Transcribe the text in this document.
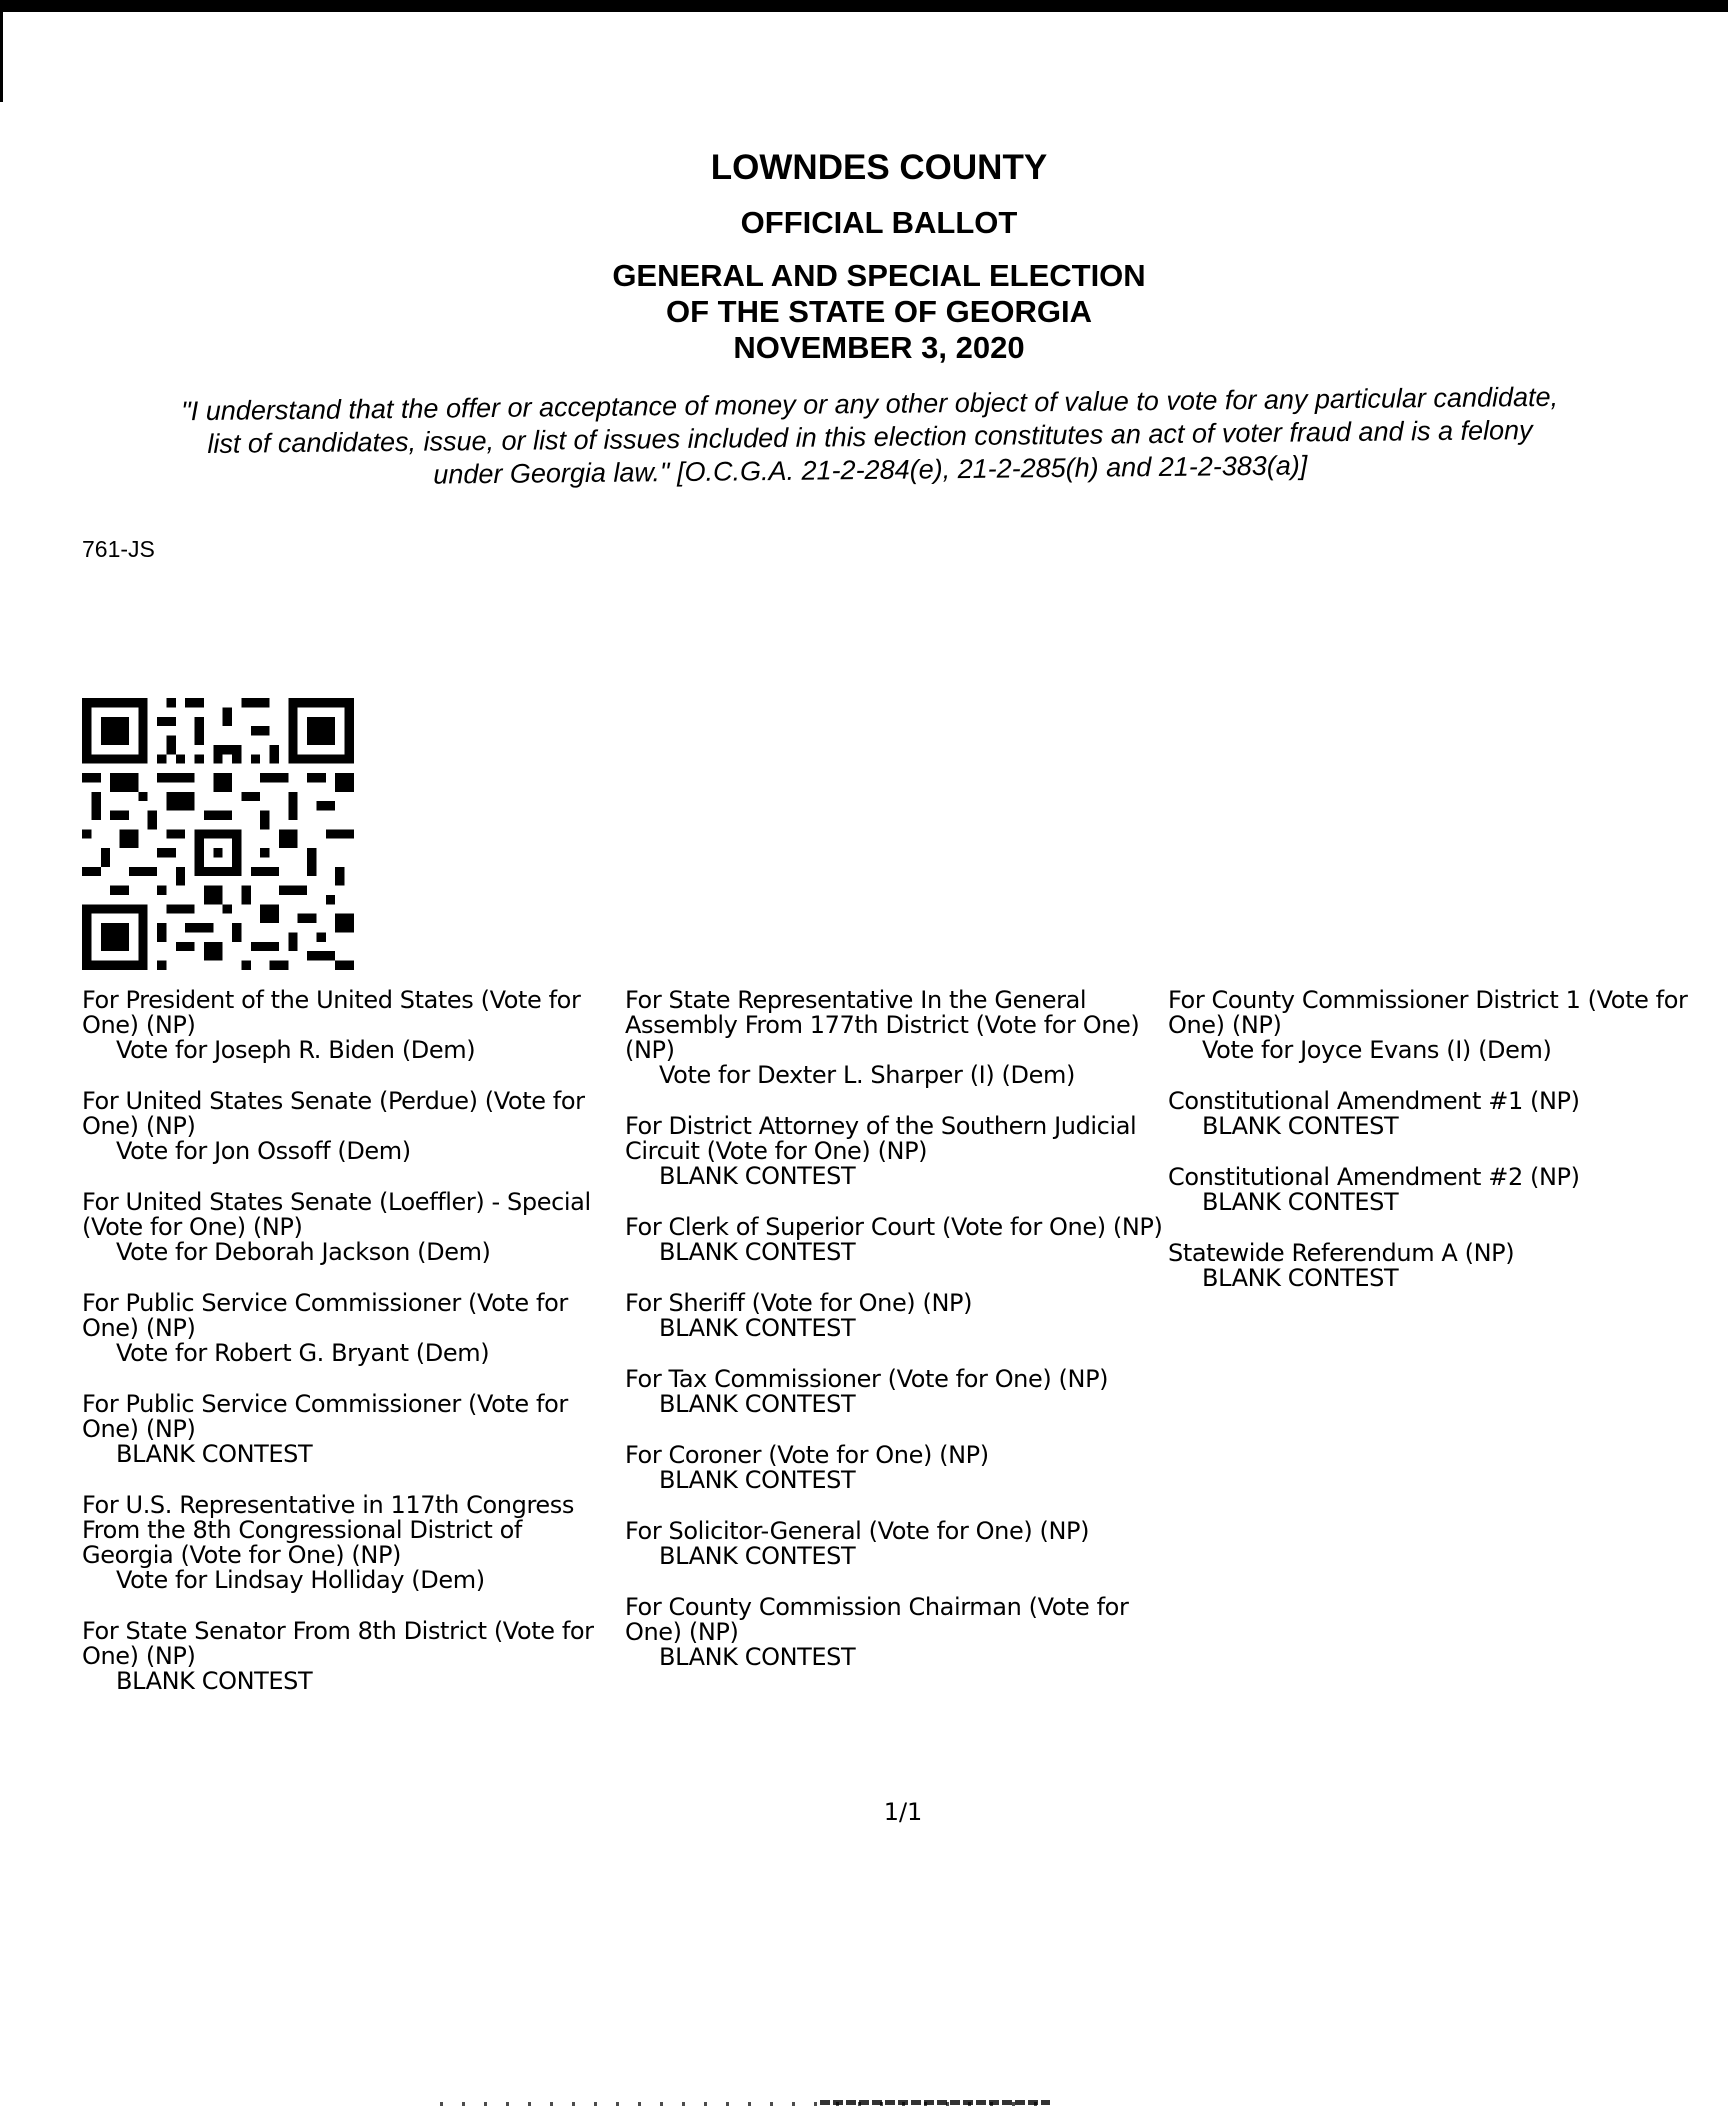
LOWNDES COUNTY
OFFICIAL BALLOT
GENERAL AND SPECIAL ELECTION
OF THE STATE OF GEORGIA
NOVEMBER 3, 2020
"I understand that the offer or acceptance of money or any other object of value to vote for any particular candidate,
list of candidates, issue, or list of issues included in this election constitutes an act of voter fraud and is a felony
under Georgia law." [O.C.G.A. 21-2-284(e), 21-2-285(h) and 21-2-383(a)]
761-JS
For President of the United States (Vote for One) (NP)
Vote for Joseph R. Biden (Dem)
For United States Senate (Perdue) (Vote for One) (NP)
Vote for Jon Ossoff (Dem)
For United States Senate (Loeffler) - Special (Vote for One) (NP)
Vote for Deborah Jackson (Dem)
For Public Service Commissioner (Vote for One) (NP)
Vote for Robert G. Bryant (Dem)
For Public Service Commissioner (Vote for One) (NP)
BLANK CONTEST
For U.S. Representative in 117th Congress From the 8th Congressional District of Georgia (Vote for One) (NP)
Vote for Lindsay Holliday (Dem)
For State Senator From 8th District (Vote for One) (NP)
BLANK CONTEST
For State Representative In the General Assembly From 177th District (Vote for One) (NP)
Vote for Dexter L. Sharper (I) (Dem)
For District Attorney of the Southern Judicial Circuit (Vote for One) (NP)
BLANK CONTEST
For Clerk of Superior Court (Vote for One) (NP)
BLANK CONTEST
For Sheriff (Vote for One) (NP)
BLANK CONTEST
For Tax Commissioner (Vote for One) (NP)
BLANK CONTEST
For Coroner (Vote for One) (NP)
BLANK CONTEST
For Solicitor-General (Vote for One) (NP)
BLANK CONTEST
For County Commission Chairman (Vote for One) (NP)
BLANK CONTEST
For County Commissioner District 1 (Vote for One) (NP)
Vote for Joyce Evans (I) (Dem)
Constitutional Amendment #1 (NP)
BLANK CONTEST
Constitutional Amendment #2 (NP)
BLANK CONTEST
Statewide Referendum A (NP)
BLANK CONTEST
1/1
